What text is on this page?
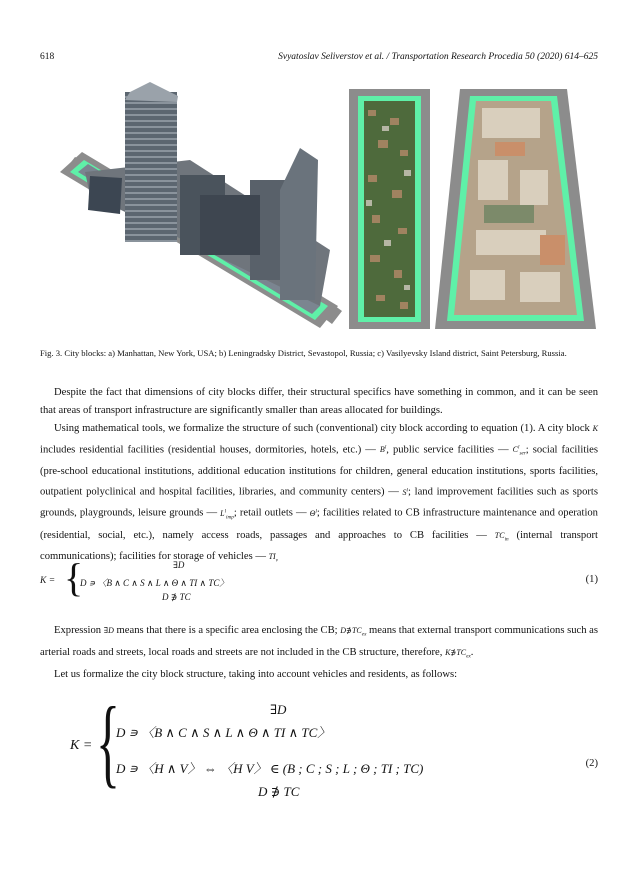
618	Svyatoslav Seliverstov et al. / Transportation Research Procedia 50 (2020) 614–625
Fig. 3. City blocks: a) Manhattan, New York, USA; b) Leningradsky District, Sevastopol, Russia; c) Vasilyevsky Island district, Saint Petersburg, Russia.

Despite the fact that dimensions of city blocks differ, their structural specifics have something in common, and it can be seen that areas of transport infrastructure are significantly smaller than areas allocated for buildings.

Using mathematical tools, we formalize the structure of such (conventional) city block according to equation (1). A city block K includes residential facilities (residential houses, dormitories, hotels, etc.) — $B^l$, public service facilities — $C^l_{ser}$; social facilities (pre-school educational institutions, additional education institutions for children, general education institutions, sports facilities, outpatient polyclinical and hospital facilities, libraries, and community centers) — $S^l$; land improvement facilities such as sports grounds, playgrounds, leisure grounds — $L^l_{imp}$; retail outlets — $\Theta^l$; facilities related to CB infrastructure maintenance and operation (residential, social, etc.), namely access roads, passages and approaches to CB facilities — $TC_{in}$ (internal transport communications); facilities for storage of vehicles — $TI_v$

∃D
K = {
D ∍ 〈B ∧ C ∧ S ∧ L ∧ Θ ∧ TI ∧ TC〉
D ∌ TC
(1)

Expression ∃D means that there is a specific area enclosing the CB; $D∌TC_{ex}$ means that external transport communications such as arterial roads and streets, local roads and streets are not included in the CB structure, therefore, $K∌TC_{ex}$.

Let us formalize the city block structure, taking into account vehicles and residents, as follows:

∃D
K = {
D ∍ 〈B ∧ C ∧ S ∧ L ∧ Θ ∧ TI ∧ TC〉
D ∍ 〈H ∧ V〉 ⇔ 〈H V〉 ∈ (B ; C ; S ; L ; Θ ; TI ; TC)
D ∌ TC
(2)
